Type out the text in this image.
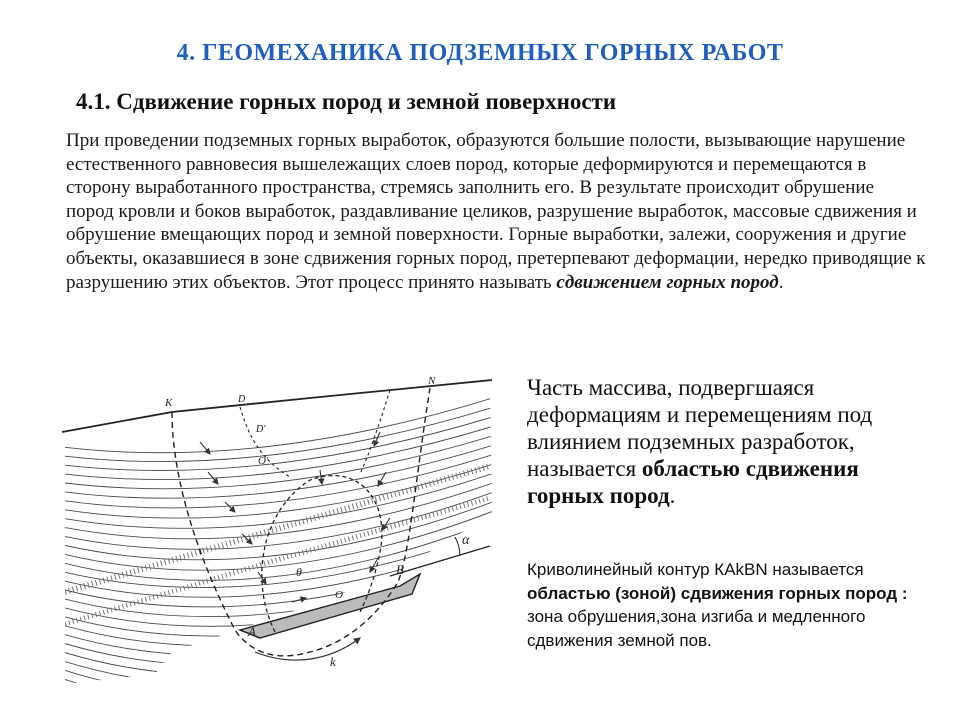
4. ГЕОМЕХАНИКА ПОДЗЕМНЫХ ГОРНЫХ РАБОТ
4.1. Сдвижение горных пород и земной поверхности
При проведении подземных горных выработок, образуются большие полости, вызывающие нарушение естественного равновесия вышележащих слоев пород, которые деформируются и перемещаются в сторону выработанного пространства, стремясь заполнить его. В результате происходит обрушение пород кровли и боков выработок, раздавливание целиков, разрушение выработок, массовые сдвижения и обрушение вмещающих пород и земной поверхности. Горные выработки, залежи, сооружения и другие объекты, оказавшиеся в зоне сдвижения горных пород, претерпевают деформации, нередко приводящие к разрушению этих объектов. Этот процесс принято называть сдвижением горных пород.
К
N
A
B
k
α
θ
O
O'
D
D'
Часть массива, подвергшаяся деформациям и перемещениям под влиянием подземных разработок, называется областью сдвижения горных пород.
Криволинейный контур КАkBN называется областью (зоной) сдвижения горных пород : зона обрушения,зона изгиба и медленного сдвижения земной пов.
